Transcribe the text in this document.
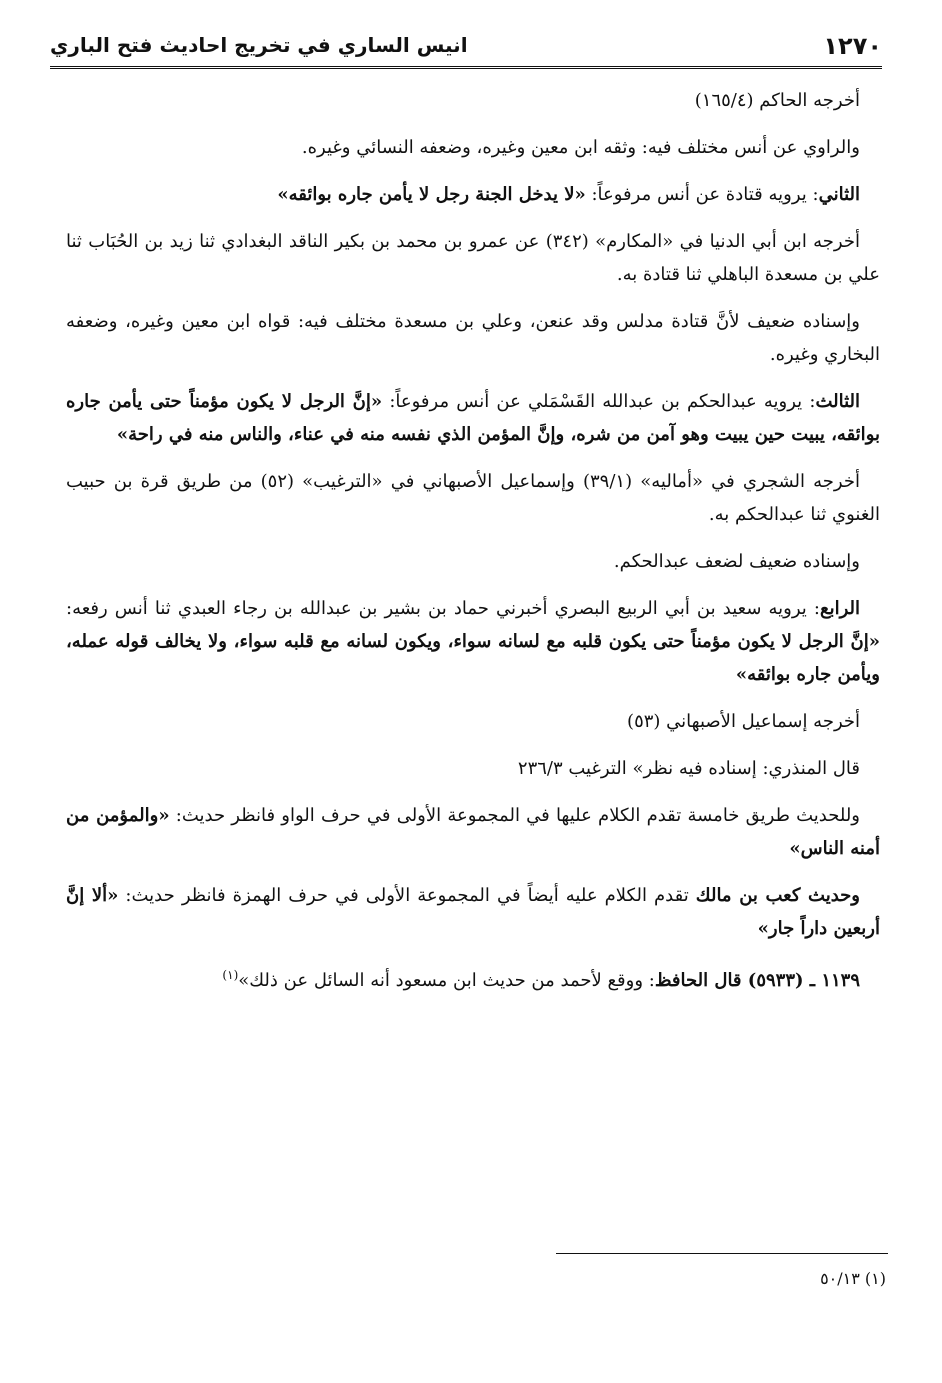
١٢٧٠
انيس الساري في تخريج احاديث فتح الباري

أخرجه الحاكم (١٦٥/٤)

والراوي عن أنس مختلف فيه: وثقه ابن معين وغيره، وضعفه النسائي وغيره.

الثاني: يرويه قتادة عن أنس مرفوعاً: «لا يدخل الجنة رجل لا يأمن جاره بوائقه»

أخرجه ابن أبي الدنيا في «المكارم» (٣٤٢) عن عمرو بن محمد بن بكير الناقد البغدادي ثنا زيد بن الحُبَاب ثنا علي بن مسعدة الباهلي ثنا قتادة به.

وإسناده ضعيف لأنَّ قتادة مدلس وقد عنعن، وعلي بن مسعدة مختلف فيه: قواه ابن معين وغيره، وضعفه البخاري وغيره.

الثالث: يرويه عبدالحكم بن عبدالله القَسْمَلي عن أنس مرفوعاً: «إنَّ الرجل لا يكون مؤمناً حتى يأمن جاره بوائقه، يبيت حين يبيت وهو آمن من شره، وإنَّ المؤمن الذي نفسه منه في عناء، والناس منه في راحة»

أخرجه الشجري في «أماليه» (٣٩/١) وإسماعيل الأصبهاني في «الترغيب» (٥٢) من طريق قرة بن حبيب الغنوي ثنا عبدالحكم به.

وإسناده ضعيف لضعف عبدالحكم.

الرابع: يرويه سعيد بن أبي الربيع البصري أخبرني حماد بن بشير بن عبدالله بن رجاء العبدي ثنا أنس رفعه: «إنَّ الرجل لا يكون مؤمناً حتى يكون قلبه مع لسانه سواء، ويكون لسانه مع قلبه سواء، ولا يخالف قوله عمله، ويأمن جاره بوائقه»

أخرجه إسماعيل الأصبهاني (٥٣)

قال المنذري: إسناده فيه نظر» الترغيب ٢٣٦/٣

وللحديث طريق خامسة تقدم الكلام عليها في المجموعة الأولى في حرف الواو فانظر حديث: «والمؤمن من أمنه الناس»

وحديث كعب بن مالك تقدم الكلام عليه أيضاً في المجموعة الأولى في حرف الهمزة فانظر حديث: «ألا إنَّ أربعين داراً جار»

١١٣٩ ـ (٥٩٣٣) قال الحافظ: ووقع لأحمد من حديث ابن مسعود أنه السائل عن ذلك»$^{(١)}$

(١) ٥٠/١٣
